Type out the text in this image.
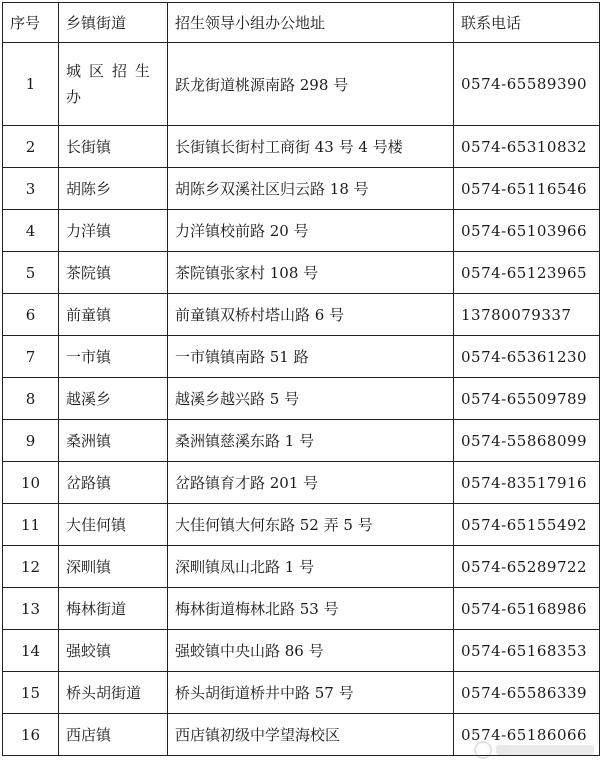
序号	乡镇街道	招生领导小组办公地址	联系电话
1	城区招生办	跃龙街道桃源南路 298 号	0574-65589390
2	长街镇	长街镇长街村工商街 43 号 4 号楼	0574-65310832
3	胡陈乡	胡陈乡双溪社区归云路 18 号	0574-65116546
4	力洋镇	力洋镇校前路 20 号	0574-65103966
5	茶院镇	茶院镇张家村 108 号	0574-65123965
6	前童镇	前童镇双桥村塔山路 6 号	13780079337
7	一市镇	一市镇镇南路 51 路	0574-65361230
8	越溪乡	越溪乡越兴路 5 号	0574-65509789
9	桑洲镇	桑洲镇慈溪东路 1 号	0574-55868099
10	岔路镇	岔路镇育才路 201 号	0574-83517916
11	大佳何镇	大佳何镇大何东路 52 弄 5 号	0574-65155492
12	深甽镇	深甽镇凤山北路 1 号	0574-65289722
13	梅林街道	梅林街道梅林北路 53 号	0574-65168986
14	强蛟镇	强蛟镇中央山路 86 号	0574-65168353
15	桥头胡街道	桥头胡街道桥井中路 57 号	0574-65586339
16	西店镇	西店镇初级中学望海校区	0574-65186066
